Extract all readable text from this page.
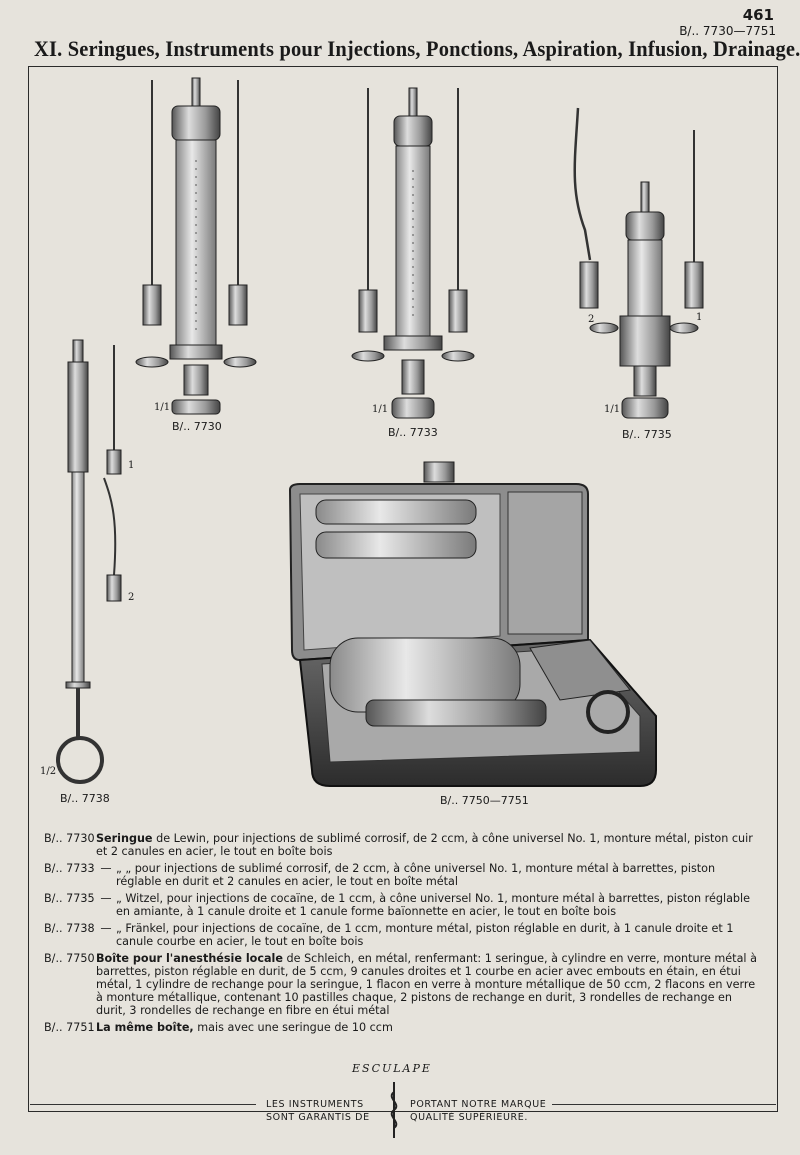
461
B/.. 7730—7751
XI. Seringues, Instruments pour Injections, Ponctions, Aspiration, Infusion, Drainage.
1/1
B/.. 7730
1/1
B/.. 7733
1/1
B/.. 7735
2	1
1/2
B/.. 7738
1
2
B/.. 7750—7751
B/.. 7730 Seringue de Lewin, pour injections de sublimé corrosif, de 2 ccm, à cône universel No. 1, monture métal, piston cuir et 2 canules en acier, le tout en boîte bois
B/.. 7733 — „ „ pour injections de sublimé corrosif, de 2 ccm, à cône universel No. 1, monture métal à barrettes, piston réglable en durit et 2 canules en acier, le tout en boîte métal
B/.. 7735 — „ Witzel, pour injections de cocaïne, de 1 ccm, à cône universel No. 1, monture métal à barrettes, piston réglable en amiante, à 1 canule droite et 1 canule forme baïonnette en acier, le tout en boîte bois
B/.. 7738 — „ Fränkel, pour injections de cocaïne, de 1 ccm, monture métal, piston réglable en durit, à 1 canule droite et 1 canule courbe en acier, le tout en boîte bois
B/.. 7750 Boîte pour l'anesthésie locale de Schleich, en métal, renfermant: 1 seringue, à cylindre en verre, monture métal à barrettes, piston réglable en durit, de 5 ccm, 9 canules droites et 1 courbe en acier avec embouts en étain, en étui métal, 1 cylindre de rechange pour la seringue, 1 flacon en verre à monture métallique de 50 ccm, 2 flacons en verre à monture métallique, contenant 10 pastilles chaque, 2 pistons de rechange en durit, 3 rondelles de rechange en durit, 3 rondelles de rechange en fibre en étui métal
B/.. 7751 La même boîte, mais avec une seringue de 10 ccm
ESCULAPE
LES INSTRUMENTS
SONT GARANTIS DE
PORTANT NOTRE MARQUE
QUALITÉ SUPÉRIEURE.
